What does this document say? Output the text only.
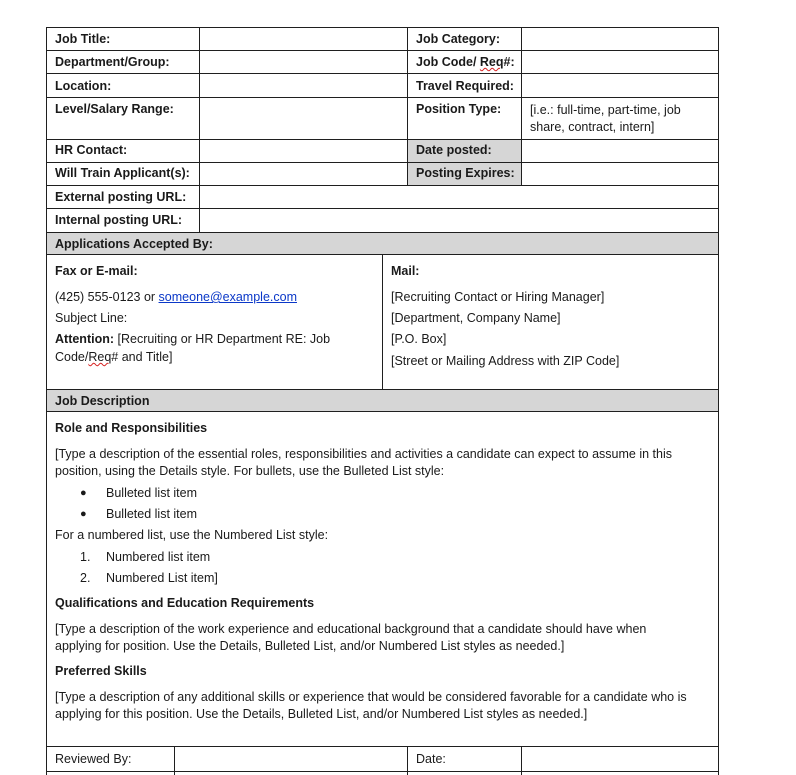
Job Title:	Job Category:
Department/Group:	Job Code/ Req#:
Location:	Travel Required:
Level/Salary Range:	Position Type: [i.e.: full-time, part-time, job share, contract, intern]
HR Contact:	Date posted:
Will Train Applicant(s):	Posting Expires:
External posting URL:
Internal posting URL:
Applications Accepted By:
Fax or E-mail:
(425) 555-0123 or someone@example.com
Subject Line:
Attention: [Recruiting or HR Department RE: Job
Code/Req# and Title]
Mail:
[Recruiting Contact or Hiring Manager]
[Department, Company Name]
[P.O. Box]
[Street or Mailing Address with ZIP Code]
Job Description
Role and Responsibilities
[Type a description of the essential roles, responsibilities and activities a candidate can expect to assume in this
position, using the Details style. For bullets, use the Bulleted List style:
● Bulleted list item
● Bulleted list item
For a numbered list, use the Numbered List style:
1. Numbered list item
2. Numbered List item]
Qualifications and Education Requirements
[Type a description of the work experience and educational background that a candidate should have when
applying for position. Use the Details, Bulleted List, and/or Numbered List styles as needed.]
Preferred Skills
[Type a description of any additional skills or experience that would be considered favorable for a candidate who is
applying for this position. Use the Details, Bulleted List, and/or Numbered List styles as needed.]
Reviewed By:	Date:
